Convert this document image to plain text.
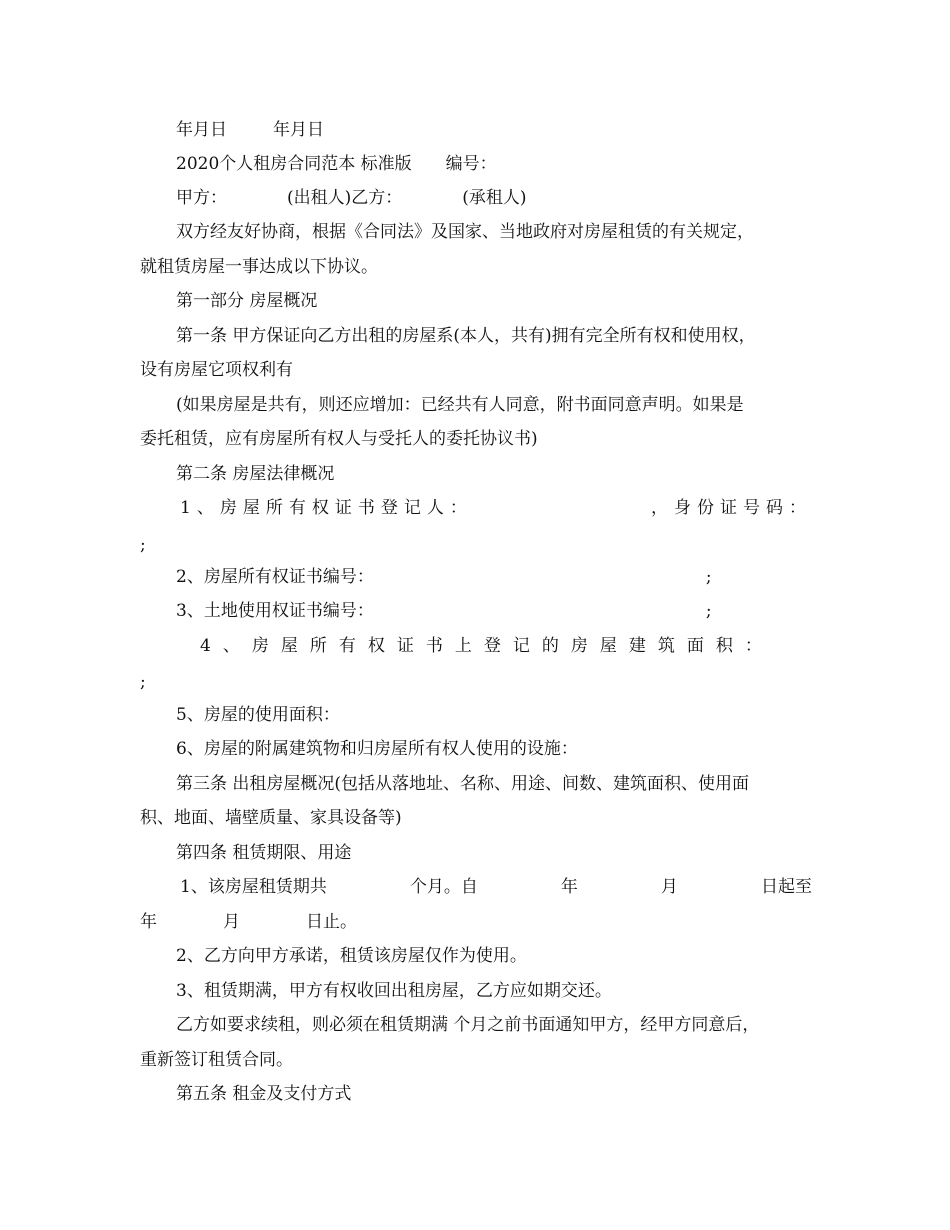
年月日	年月日
2020个人租房合同范本 标准版 编号：
甲方：	(出租人)乙方：	(承租人)
双方经友好协商，根据《合同法》及国家、当地政府对房屋租赁的有关规定，
就租赁房屋一事达成以下协议。
第一部分 房屋概况
第一条 甲方保证向乙方出租的房屋系(本人，共有)拥有完全所有权和使用权，
设有房屋它项权利有
(如果房屋是共有，则还应增加：已经共有人同意，附书面同意声明。如果是
委托租赁，应有房屋所有权人与受托人的委托协议书)
第二条 房屋法律概况
1、房屋所有权证书登记人：	，身份证号码：
;
2、房屋所有权证书编号：	;
3、土地使用权证书编号：	;
4、房屋所有权证书上登记的房屋建筑面积：
;
5、房屋的使用面积：
6、房屋的附属建筑物和归房屋所有权人使用的设施：
第三条 出租房屋概况(包括从落地址、名称、用途、间数、建筑面积、使用面
积、地面、墙壁质量、家具设备等)
第四条 租赁期限、用途
1、该房屋租赁期共	个月。自	年	月	日起至
年	月	日止。
2、乙方向甲方承诺，租赁该房屋仅作为使用。
3、租赁期满，甲方有权收回出租房屋，乙方应如期交还。
乙方如要求续租，则必须在租赁期满 个月之前书面通知甲方，经甲方同意后，
重新签订租赁合同。
第五条 租金及支付方式
